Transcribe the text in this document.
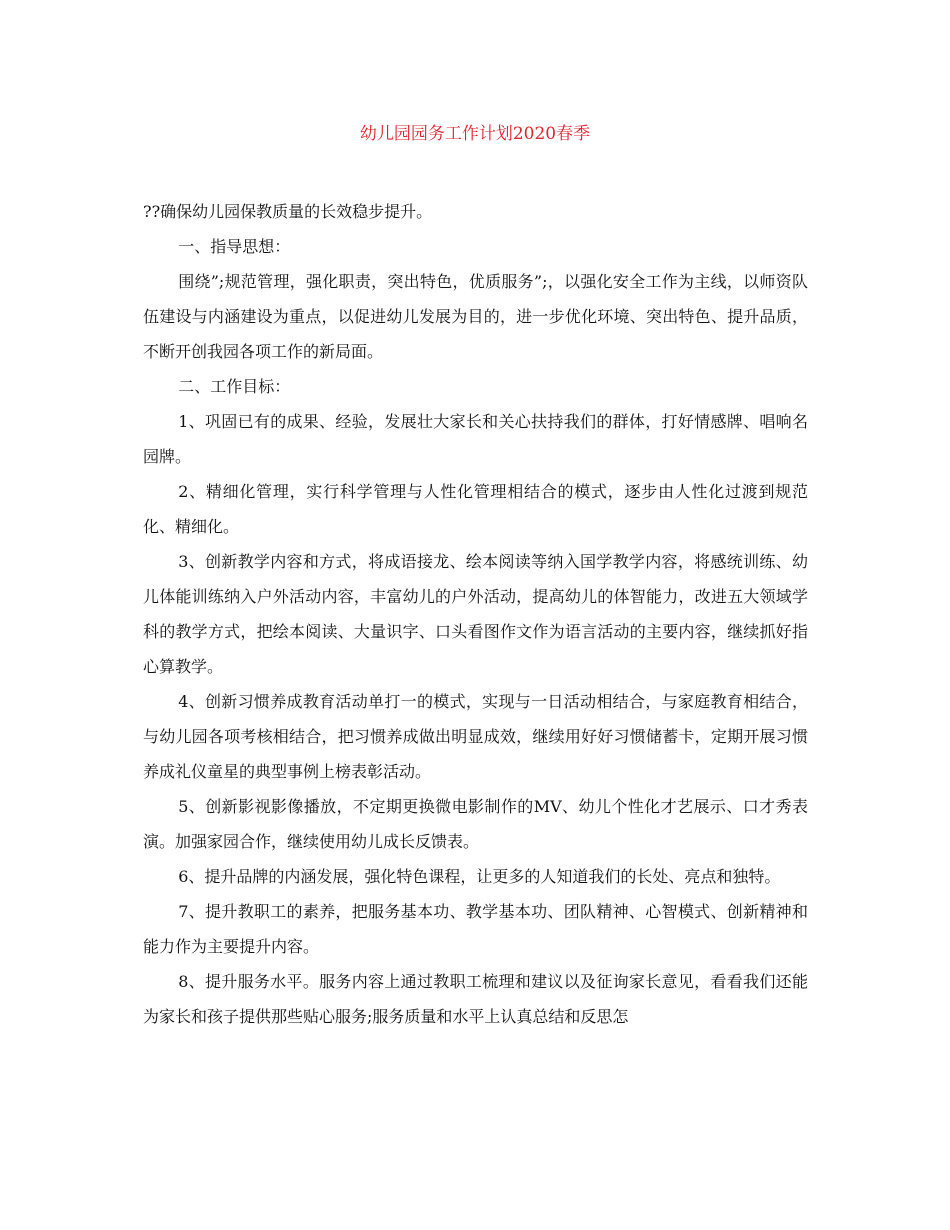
幼儿园园务工作计划2020春季

??确保幼儿园保教质量的长效稳步提升。

一、指导思想：

围绕”;规范管理，强化职责，突出特色，优质服务”;，以强化安全工作为主线，以师资队伍建设与内涵建设为重点，以促进幼儿发展为目的，进一步优化环境、突出特色、提升品质，不断开创我园各项工作的新局面。

二、工作目标：

1、巩固已有的成果、经验，发展壮大家长和关心扶持我们的群体，打好情感牌、唱响名园牌。

2、精细化管理，实行科学管理与人性化管理相结合的模式，逐步由人性化过渡到规范化、精细化。

3、创新教学内容和方式，将成语接龙、绘本阅读等纳入国学教学内容，将感统训练、幼儿体能训练纳入户外活动内容，丰富幼儿的户外活动，提高幼儿的体智能力，改进五大领域学科的教学方式，把绘本阅读、大量识字、口头看图作文作为语言活动的主要内容，继续抓好指心算教学。

4、创新习惯养成教育活动单打一的模式，实现与一日活动相结合，与家庭教育相结合，与幼儿园各项考核相结合，把习惯养成做出明显成效，继续用好好习惯储蓄卡，定期开展习惯养成礼仪童星的典型事例上榜表彰活动。

5、创新影视影像播放，不定期更换微电影制作的MV、幼儿个性化才艺展示、口才秀表演。加强家园合作，继续使用幼儿成长反馈表。

6、提升品牌的内涵发展，强化特色课程，让更多的人知道我们的长处、亮点和独特。

7、提升教职工的素养，把服务基本功、教学基本功、团队精神、心智模式、创新精神和能力作为主要提升内容。

8、提升服务水平。服务内容上通过教职工梳理和建议以及征询家长意见，看看我们还能为家长和孩子提供那些贴心服务;服务质量和水平上认真总结和反思怎
